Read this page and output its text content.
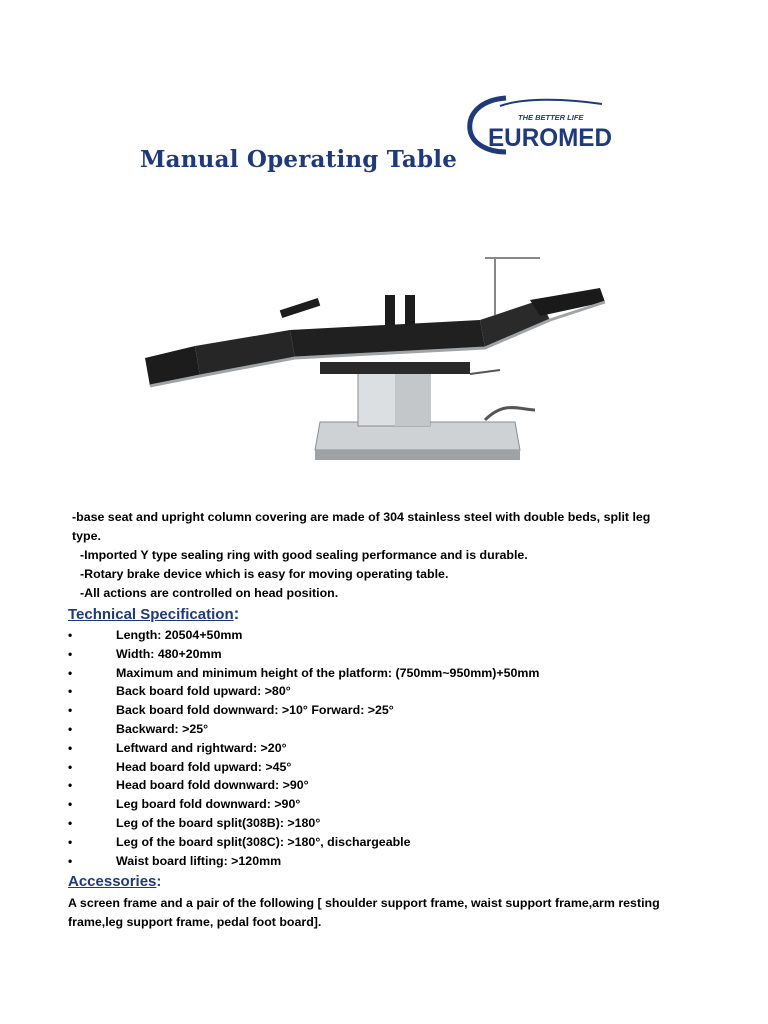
THE BETTER LIFE
EUROMED
Manual Operating Table

-base seat and upright column covering are made of 304 stainless steel with double beds, split leg type.

-Imported Y type sealing ring with good sealing performance and is durable.

-Rotary brake device which is easy for moving operating table.

-All actions are controlled on head position.

Technical Specification:
•	Length: 20504+50mm
•	Width: 480+20mm
•	Maximum and minimum height of the platform: (750mm~950mm)+50mm
•	Back board fold upward: >80°
•	Back board fold downward: >10° Forward: >25°
•	Backward: >25°
•	Leftward and rightward: >20°
•	Head board fold upward: >45°
•	Head board fold downward: >90°
•	Leg board fold downward: >90°
•	Leg of the board split(308B): >180°
•	Leg of the board split(308C): >180°, dischargeable
•	Waist board lifting: >120mm
Accessories:
A screen frame and a pair of the following [ shoulder support frame, waist support frame,arm resting frame,leg support frame, pedal foot board].
